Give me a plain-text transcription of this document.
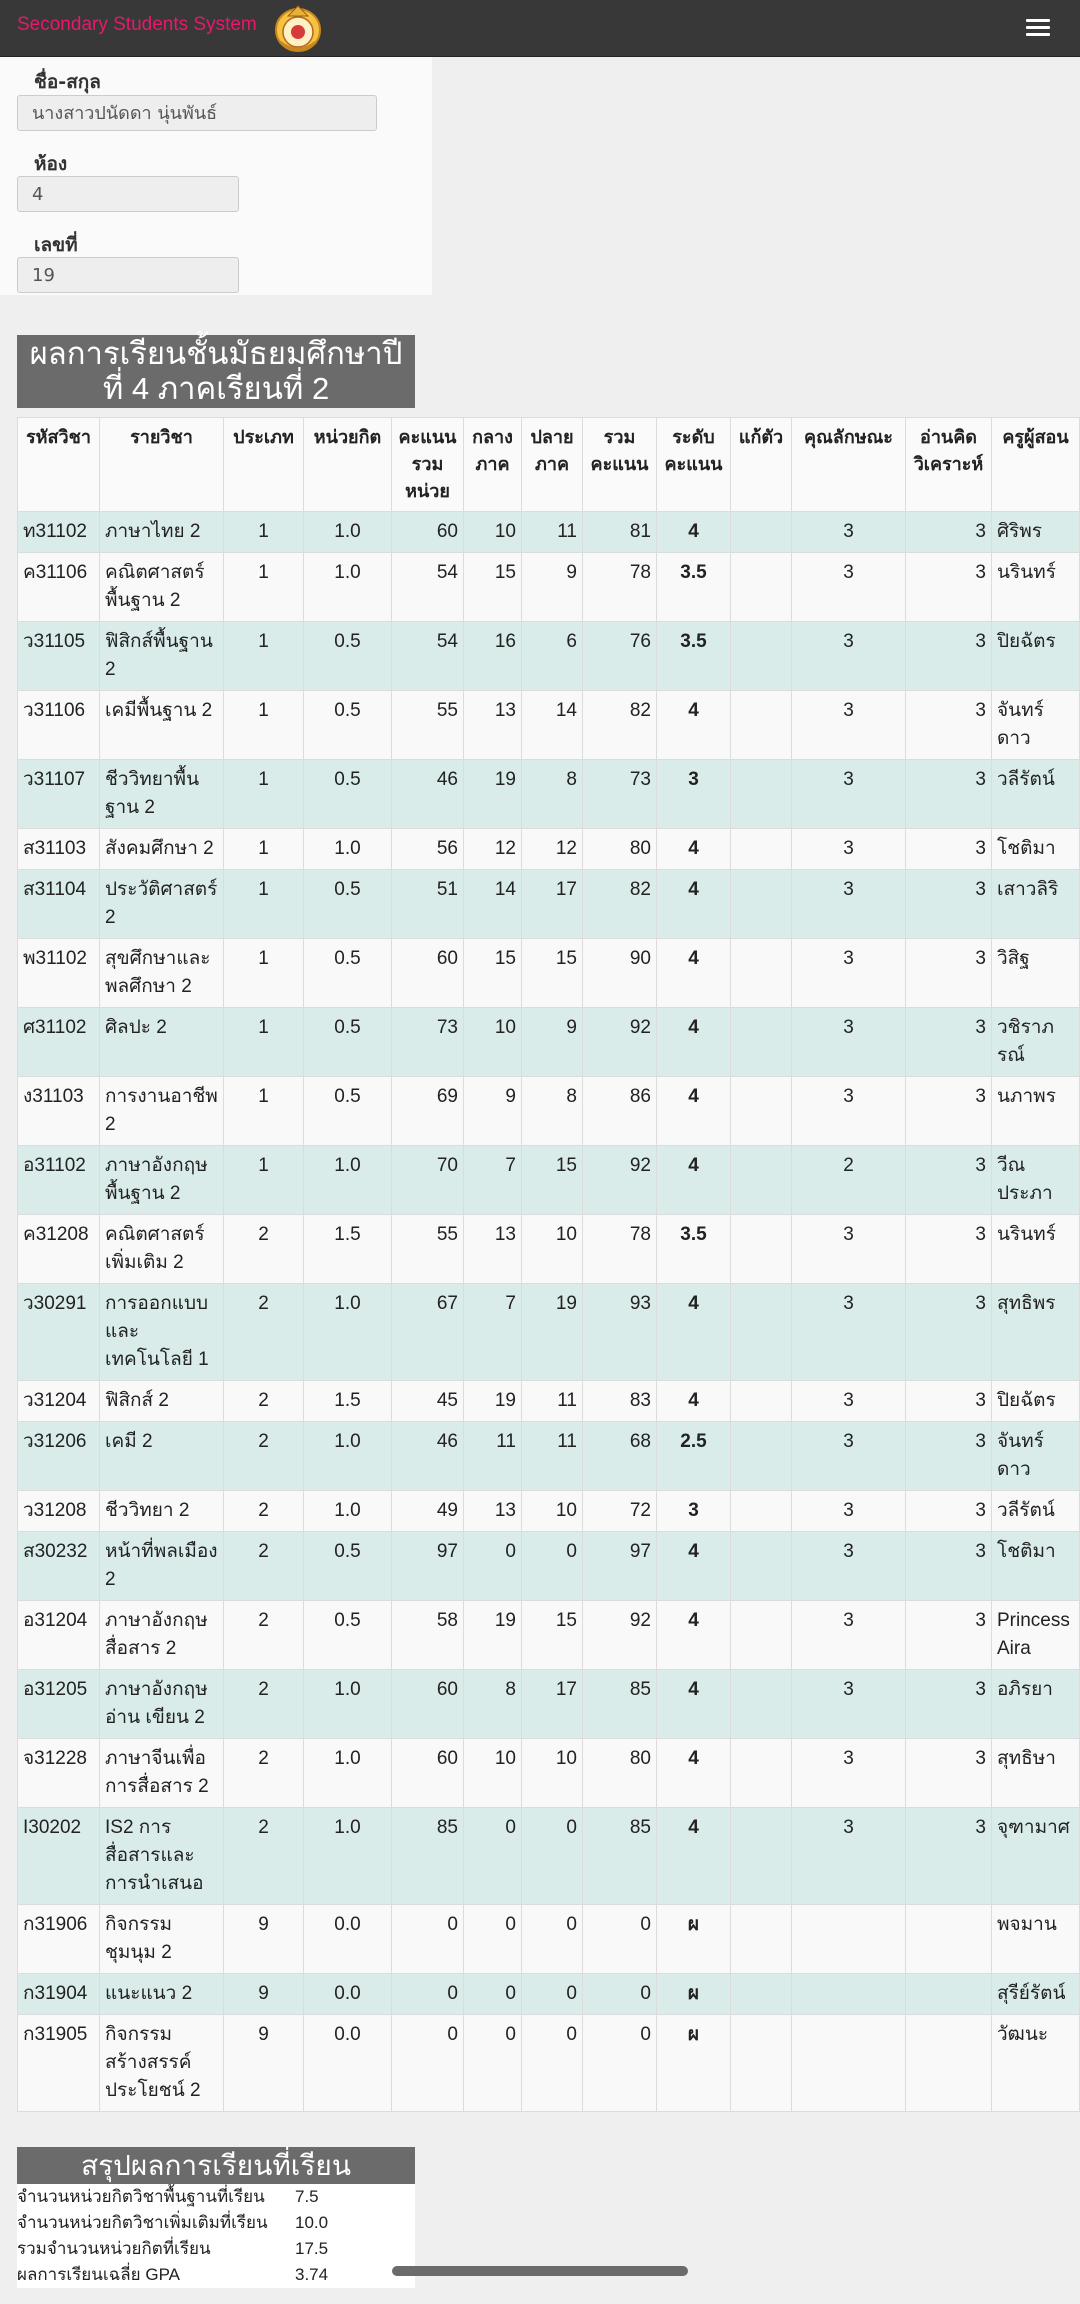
Secondary Students System
ชื่อ-สกุล
นางสาวปนัดดา นุ่นพันธ์
ห้อง
4
เลขที่
19
ผลการเรียนชั้นมัธยมศึกษาปี
ที่ 4 ภาคเรียนที่ 2
รหัสวิชา	รายวิชา	ประเภท	หน่วยกิต	คะแนนรวมหน่วย	กลางภาค	ปลายภาค	รวมคะแนน	ระดับคะแนน	แก้ตัว	คุณลักษณะ	อ่านคิดวิเคราะห์	ครูผู้สอน
ท31102	ภาษาไทย 2	1	1.0	60	10	11	81	4		3	3	ศิริพร
ค31106	คณิตศาสตร์พื้นฐาน 2	1	1.0	54	15	9	78	3.5		3	3	นรินทร์
ว31105	ฟิสิกส์พื้นฐาน 2	1	0.5	54	16	6	76	3.5		3	3	ปิยฉัตร
ว31106	เคมีพื้นฐาน 2	1	0.5	55	13	14	82	4		3	3	จันทร์ดาว
ว31107	ชีววิทยาพื้นฐาน 2	1	0.5	46	19	8	73	3		3	3	วลีรัตน์
ส31103	สังคมศึกษา 2	1	1.0	56	12	12	80	4		3	3	โชติมา
ส31104	ประวัติศาสตร์ 2	1	0.5	51	14	17	82	4		3	3	เสาวลิริ
พ31102	สุขศึกษาและพลศึกษา 2	1	0.5	60	15	15	90	4		3	3	วิสิฐ
ศ31102	ศิลปะ 2	1	0.5	73	10	9	92	4		3	3	วชิราภรณ์
ง31103	การงานอาชีพ 2	1	0.5	69	9	8	86	4		3	3	นภาพร
อ31102	ภาษาอังกฤษพื้นฐาน 2	1	1.0	70	7	15	92	4		2	3	วีณประภา
ค31208	คณิตศาสตร์เพิ่มเติม 2	2	1.5	55	13	10	78	3.5		3	3	นรินทร์
ว30291	การออกแบบและ เทคโนโลยี 1	2	1.0	67	7	19	93	4		3	3	สุทธิพร
ว31204	ฟิสิกส์ 2	2	1.5	45	19	11	83	4		3	3	ปิยฉัตร
ว31206	เคมี 2	2	1.0	46	11	11	68	2.5		3	3	จันทร์ดาว
ว31208	ชีววิทยา 2	2	1.0	49	13	10	72	3		3	3	วลีรัตน์
ส30232	หน้าที่พลเมือง 2	2	0.5	97	0	0	97	4		3	3	โชติมา
อ31204	ภาษาอังกฤษสื่อสาร 2	2	0.5	58	19	15	92	4		3	3	Princess Aira
อ31205	ภาษาอังกฤษอ่าน เขียน 2	2	1.0	60	8	17	85	4		3	3	อภิรยา
จ31228	ภาษาจีนเพื่อการสื่อสาร 2	2	1.0	60	10	10	80	4		3	3	สุทธิษา
I30202	IS2 การสื่อสารและการนำเสนอ	2	1.0	85	0	0	85	4		3	3	จุฑามาศ
ก31906	กิจกรรมชุมนุม 2	9	0.0	0	0	0	0	ผ				พจมาน
ก31904	แนะแนว 2	9	0.0	0	0	0	0	ผ				สุรีย์รัตน์
ก31905	กิจกรรมสร้างสรรค์ประโยชน์ 2	9	0.0	0	0	0	0	ผ				วัฒนะ
สรุปผลการเรียนที่เรียน
จำนวนหน่วยกิตวิชาพื้นฐานที่เรียน 7.5
จำนวนหน่วยกิตวิชาเพิ่มเติมที่เรียน 10.0
รวมจำนวนหน่วยกิตที่เรียน	17.5
ผลการเรียนเฉลี่ย GPA	3.74
